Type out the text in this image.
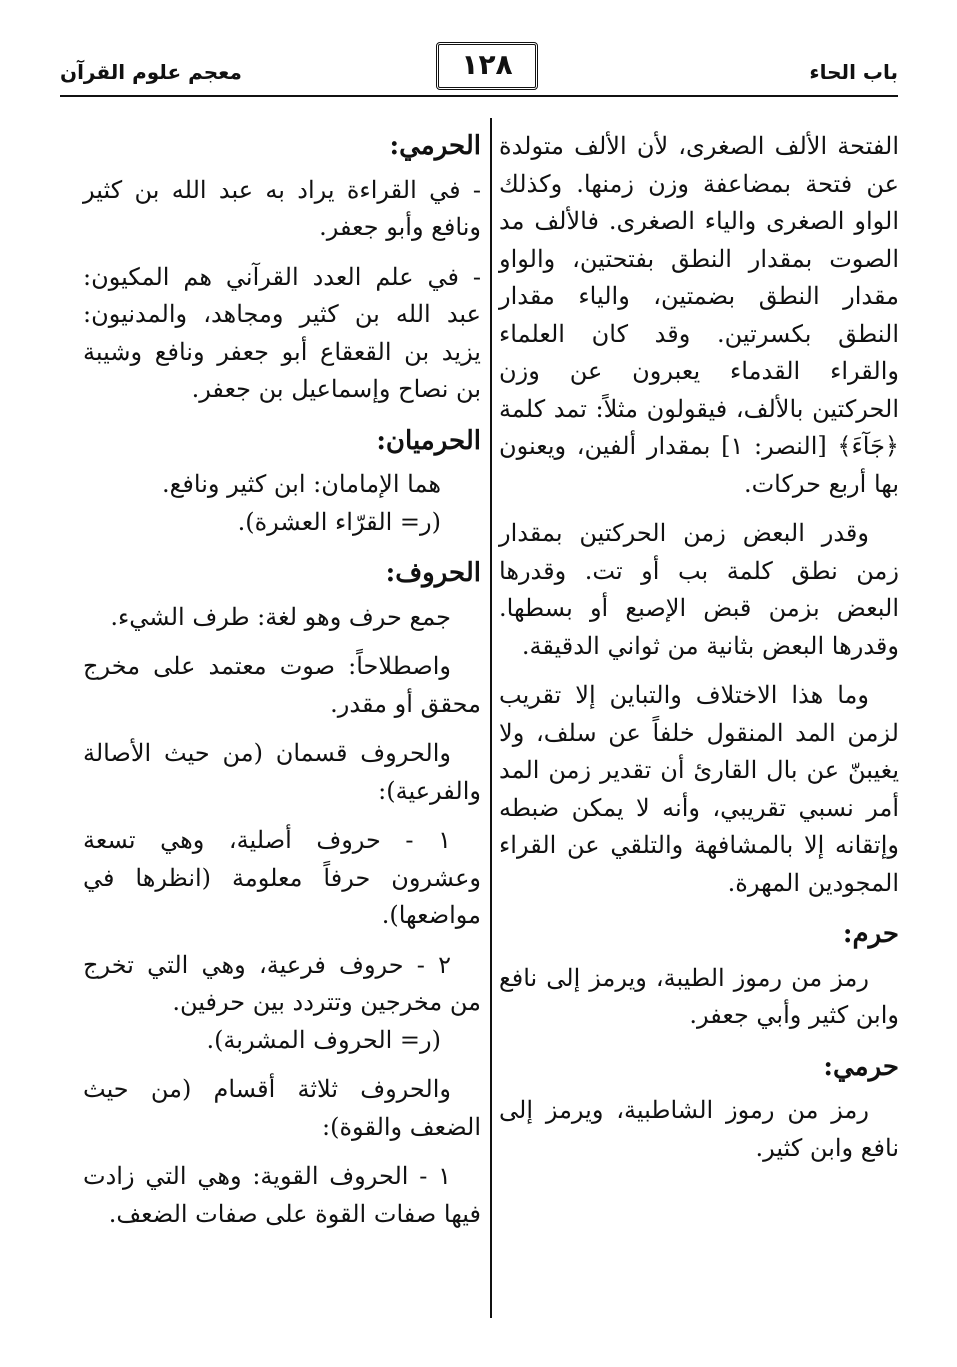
باب الحاء
١٢٨
معجم علوم القرآن

الفتحة الألف الصغرى، لأن الألف متولدة عن فتحة بمضاعفة وزن زمنها. وكذلك الواو الصغرى والياء الصغرى. فالألف مد الصوت بمقدار النطق بفتحتين، والواو مقدار النطق بضمتين، والياء مقدار النطق بكسرتين. وقد كان العلماء والقراء القدماء يعبرون عن وزن الحركتين بالألف، فيقولون مثلاً: تمد كلمة ﴿جَآءَ﴾ [النصر: ١] بمقدار ألفين، ويعنون بها أربع حركات.

وقدر البعض زمن الحركتين بمقدار زمن نطق كلمة بب أو تت. وقدرها البعض بزمن قبض الإصبع أو بسطها. وقدرها البعض بثانية من ثواني الدقيقة.

وما هذا الاختلاف والتباين إلا تقريب لزمن المد المنقول خلفاً عن سلف، ولا يغيبنّ عن بال القارئ أن تقدير زمن المد أمر نسبي تقريبي، وأنه لا يمكن ضبطه وإتقانه إلا بالمشافهة والتلقي عن القراء المجودين المهرة.

حرم:

رمز من رموز الطيبة، ويرمز إلى نافع وابن كثير وأبي جعفر.

حرمي:

رمز من رموز الشاطبية، ويرمز إلى نافع وابن كثير.

الحرمي:

- في القراءة يراد به عبد الله بن كثير ونافع وأبو جعفر.

- في علم العدد القرآني هم المكيون: عبد الله بن كثير ومجاهد، والمدنيون: يزيد بن القعقاع أبو جعفر ونافع وشيبة بن نصاح وإسماعيل بن جعفر.

الحرميان:

هما الإمامان: ابن كثير ونافع.

(ر= القرّاء العشرة).

الحروف:

جمع حرف وهو لغة: طرف الشيء.

واصطلاحاً: صوت معتمد على مخرج محقق أو مقدر.

والحروف قسمان (من حيث الأصالة والفرعية):

١ - حروف أصلية، وهي تسعة وعشرون حرفاً معلومة (انظرها في مواضعها).

٢ - حروف فرعية، وهي التي تخرج من مخرجين وتتردد بين حرفين.

(ر= الحروف المشربة).

والحروف ثلاثة أقسام (من حيث الضعف والقوة):

١ - الحروف القوية: وهي التي زادت فيها صفات القوة على صفات الضعف.
